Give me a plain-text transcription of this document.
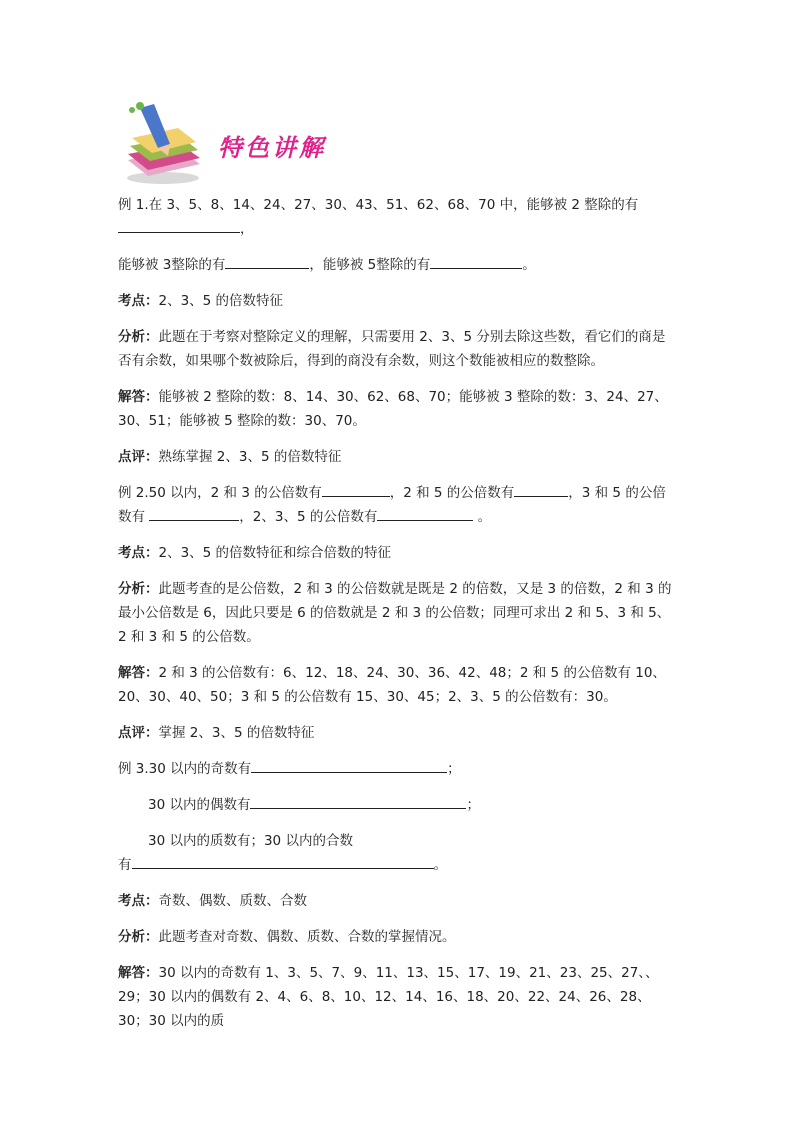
特色讲解

例 1.在 3、5、8、14、24、27、30、43、51、62、68、70 中，能够被 2 整除的有
，

能够被 3整除的有	，能够被 5整除的有	。

考点：2、3、5 的倍数特征

分析：此题在于考察对整除定义的理解，只需要用 2、3、5 分别去除这些数，看它们的商是否有余数，如果哪个数被除后，得到的商没有余数，则这个数能被相应的数整除。

解答：能够被 2 整除的数：8、14、30、62、68、70；能够被 3 整除的数：3、24、27、30、51；能够被 5 整除的数：30、70。

点评：熟练掌握 2、3、5 的倍数特征

例 2.50 以内，2 和 3 的公倍数有	，2 和 5 的公倍数有	，3 和 5 的公倍数有	，2、3、5 的公倍数有	。

考点：2、3、5 的倍数特征和综合倍数的特征

分析：此题考查的是公倍数，2 和 3 的公倍数就是既是 2 的倍数，又是 3 的倍数，2 和 3 的最小公倍数是 6，因此只要是 6 的倍数就是 2 和 3 的公倍数；同理可求出 2 和 5、3 和 5、2 和 3 和 5 的公倍数。

解答：2 和 3 的公倍数有：6、12、18、24、30、36、42、48；2 和 5 的公倍数有 10、20、30、40、50；3 和 5 的公倍数有 15、30、45；2、3、5 的公倍数有：30。

点评：掌握 2、3、5 的倍数特征

例 3.30 以内的奇数有	；

30 以内的偶数有	；

30 以内的质数有；30 以内的合数

有	。

考点：奇数、偶数、质数、合数

分析：此题考查对奇数、偶数、质数、合数的掌握情况。

解答：30 以内的奇数有 1、3、5、7、9、11、13、15、17、19、21、23、25、27、、29；30 以内的偶数有 2、4、6、8、10、12、14、16、18、20、22、24、26、28、30；30 以内的质
